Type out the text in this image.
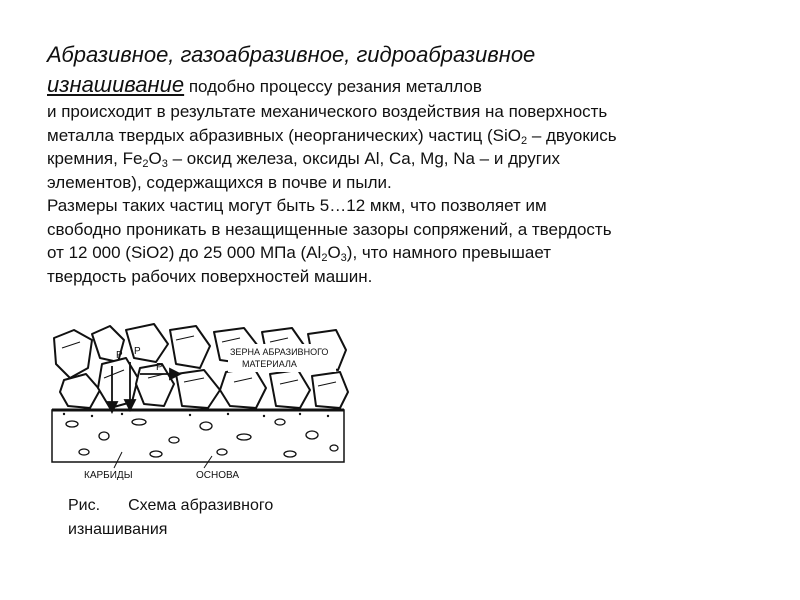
Абразивное, газоабразивное, гидроабразивное
изнашивание подобно процессу резания металлов

и происходит в результате механического воздействия на поверхность

металла твердых абразивных (неорганических) частиц (SiO$_2$ – двуокись

кремния, $Fe_2O_3$ – оксид железа, оксиды Al, Ca, Mg, Na – и других

элементов), содержащихся в почве и пыли.

Размеры таких частиц могут быть 5…12 мкм, что позволяет им

свободно проникать в незащищенные зазоры сопряжений, а твердость

от 12 000 (SiO2) до 25 000 МПа $(Al_2O_3)$, что намного превышает

твердость рабочих поверхностей машин.

P P
P
ЗЕРНА АБРАЗИВНОГО
МАТЕРИАЛА
КАРБИДЫ	ОСНОВА
Рис. Схема абразивного
изнашивания
